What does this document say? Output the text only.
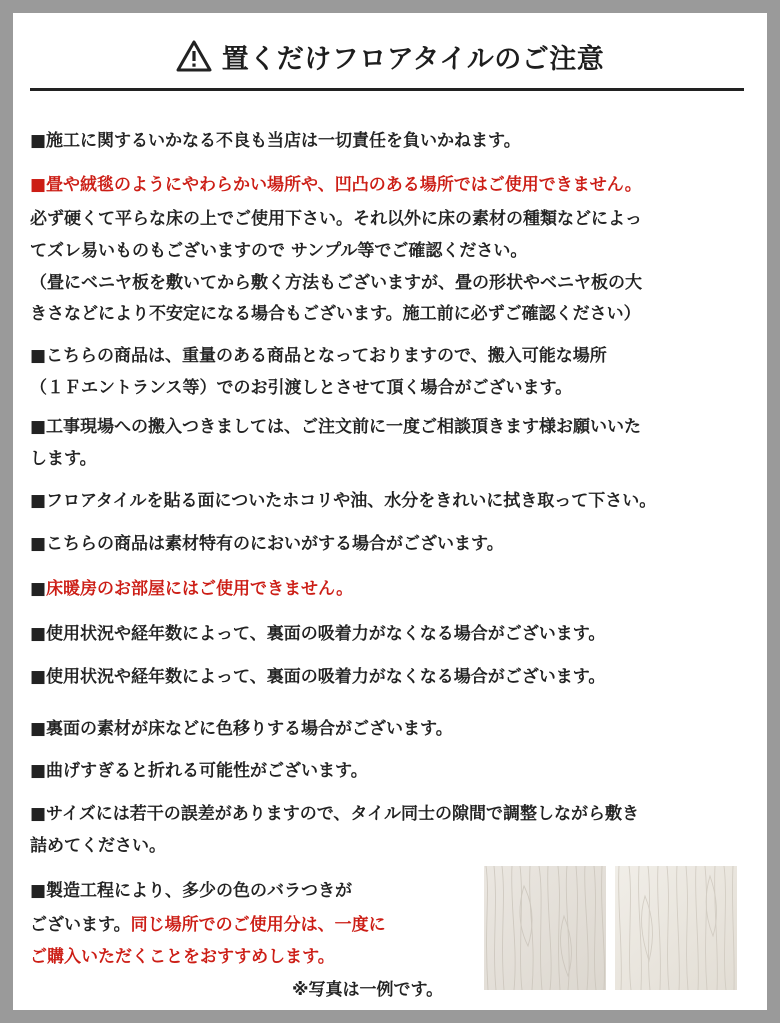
置くだけフロアタイルのご注意
■施工に関するいかなる不良も当店は一切責任を負いかねます。
■畳や絨毯のようにやわらかい場所や、凹凸のある場所ではご使用できません。
必ず硬くて平らな床の上でご使用下さい。それ以外に床の素材の種類などによっ
てズレ易いものもございますので サンプル等でご確認ください。
（畳にベニヤ板を敷いてから敷く方法もございますが、畳の形状やベニヤ板の大
きさなどにより不安定になる場合もございます。施工前に必ずご確認ください）
■こちらの商品は、重量のある商品となっておりますので、搬入可能な場所
（１Ｆエントランス等）でのお引渡しとさせて頂く場合がございます。
■工事現場への搬入つきましては、ご注文前に一度ご相談頂きます様お願いいた
します。
■フロアタイルを貼る面についたホコリや油、水分をきれいに拭き取って下さい。
■こちらの商品は素材特有のにおいがする場合がございます。
■床暖房のお部屋にはご使用できません。
■使用状況や経年数によって、裏面の吸着力がなくなる場合がございます。
■使用状況や経年数によって、裏面の吸着力がなくなる場合がございます。
■裏面の素材が床などに色移りする場合がございます。
■曲げすぎると折れる可能性がございます。
■サイズには若干の誤差がありますので、タイル同士の隙間で調整しながら敷き
詰めてください。
■製造工程により、多少の色のバラつきが
ございます。同じ場所でのご使用分は、一度に
ご購入いただくことをおすすめします。
※写真は一例です。
